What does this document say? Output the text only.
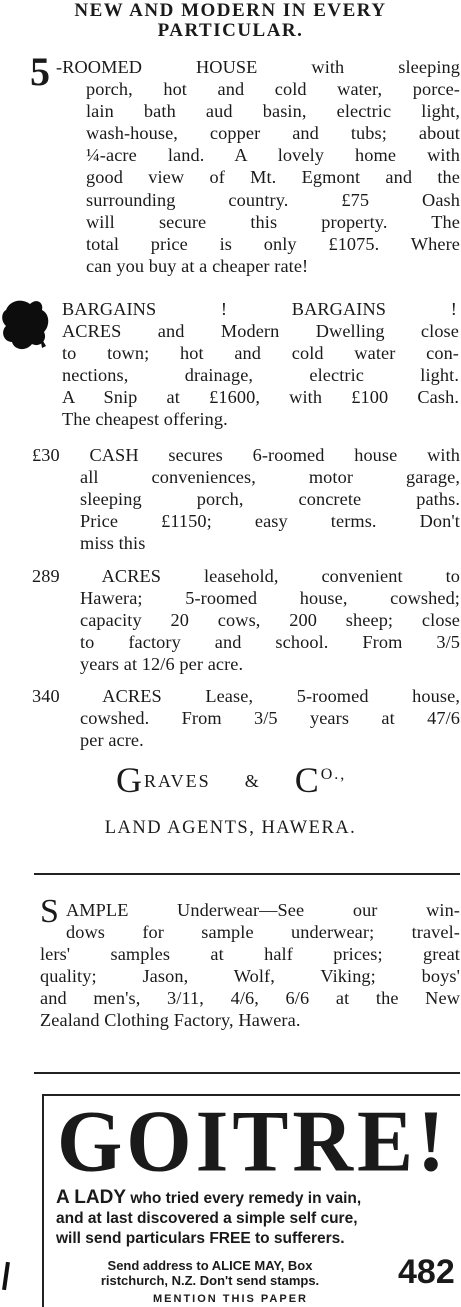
NEW AND MODERN IN EVERY

PARTICULAR.

5 -ROOMED HOUSE with sleeping
porch, hot and cold water, porce-
lain bath aud basin, electric light,
wash-house, copper and tubs; about
¼-acre land. A lovely home with
good view of Mt. Egmont and the
surrounding country. £75 Oash
will secure this property. The
total price is only £1075. Where
can you buy at a cheaper rate!
BARGAINS ! BARGAINS !
ACRES and Modern Dwelling close
to town; hot and cold water con-
nections, drainage, electric light.
A Snip at £1600, with £100 Cash.
The cheapest offering.
£30 CASH secures 6-roomed house with
all conveniences, motor garage,
sleeping porch, concrete paths.
Price £1150; easy terms. Don't
miss this
289 ACRES leasehold, convenient to
Hawera; 5-roomed house, cowshed;
capacity 20 cows, 200 sheep; close
to factory and school. From 3/5
years at 12/6 per acre.
340 ACRES Lease, 5-roomed house,
cowshed. From 3/5 years at 47/6
per acre.
GRAVES & CO.,
LAND AGENTS, HAWERA.
S AMPLE Underwear—See our win-
dows for sample underwear; travel-
lers' samples at half prices; great
quality; Jason, Wolf, Viking; boys'
and men's, 3/11, 4/6, 6/6 at the New
Zealand Clothing Factory, Hawera.
GOITRE!
A LADY who tried every remedy in vain,
and at last discovered a simple self cure,
will send particulars FREE to sufferers.
Send address to ALICE MAY, Box
ristchurch, N.Z. Don't send stamps.	482
MENTION THIS PAPER
